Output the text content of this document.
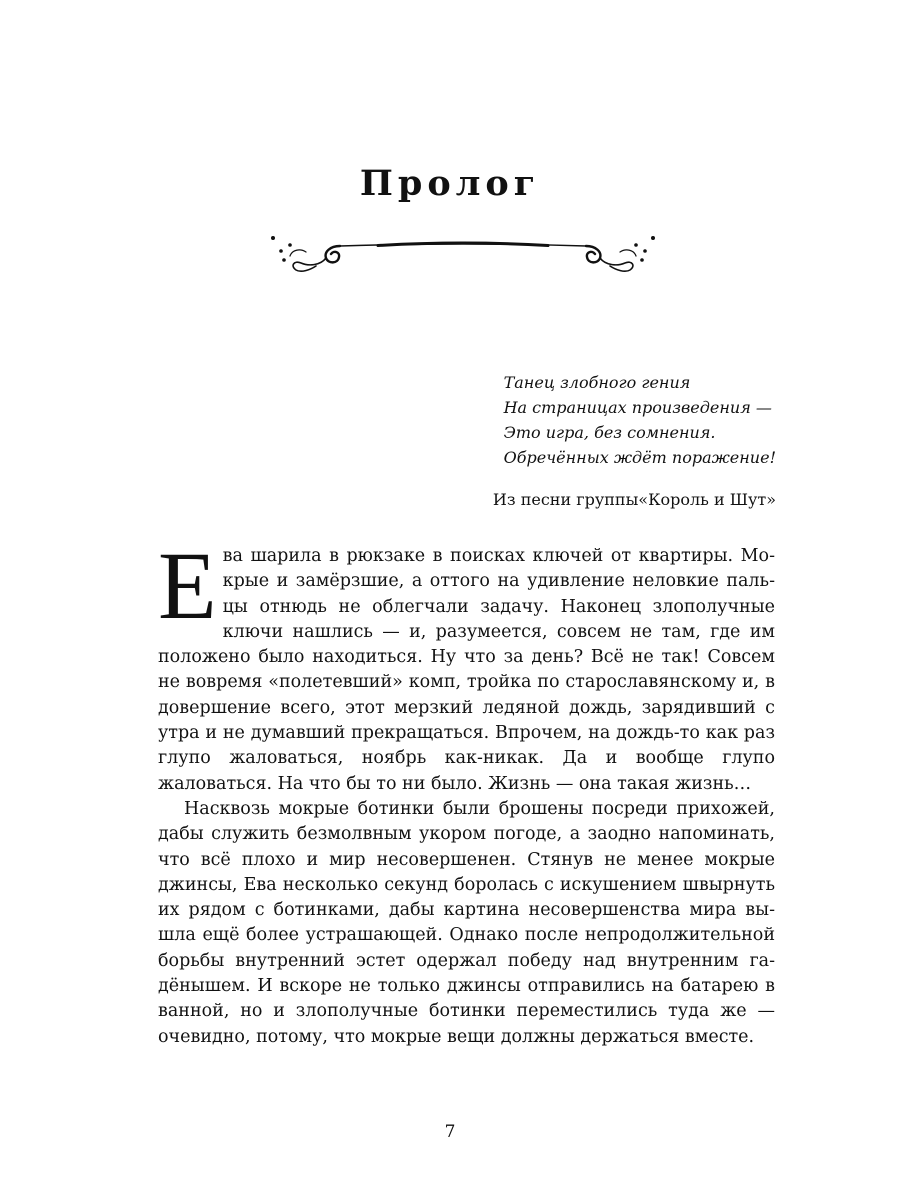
Пролог
Танец злобного гения
На страницах произведения —
Это игра, без сомнения.
Обречённых ждёт поражение!
Из песни группы«Король и Шут»

Ева шарила в рюкзаке в поисках ключей от квартиры. Мокрые и замёрзшие, а оттого на удивление неловкие пальцы отнюдь не облегчали задачу. Наконец злополучные ключи нашлись — и, разумеется, совсем не там, где им положено было находиться. Ну что за день? Всё не так! Совсем не вовремя «полетевший» комп, тройка по старославянскому и, в довершение всего, этот мерзкий ледяной дождь, зарядивший с утра и не думавший прекращаться. Впрочем, на дождь-то как раз глупо жаловаться, ноябрь как-никак. Да и вообще глупо жаловаться. На что бы то ни было. Жизнь — она такая жизнь…

Насквозь мокрые ботинки были брошены посреди прихожей, дабы служить безмолвным укором погоде, а заодно напоминать, что всё плохо и мир несовершенен. Стянув не менее мокрые джинсы, Ева несколько секунд боролась с искушением швырнуть их рядом с ботинками, дабы картина несовершенства мира вышла ещё более устрашающей. Однако после непродолжительной борьбы внутренний эстет одержал победу над внутренним гадёнышем. И вскоре не только джинсы отправились на батарею в ванной, но и злополучные ботинки переместились туда же — очевидно, потому, что мокрые вещи должны держаться вместе.

7
